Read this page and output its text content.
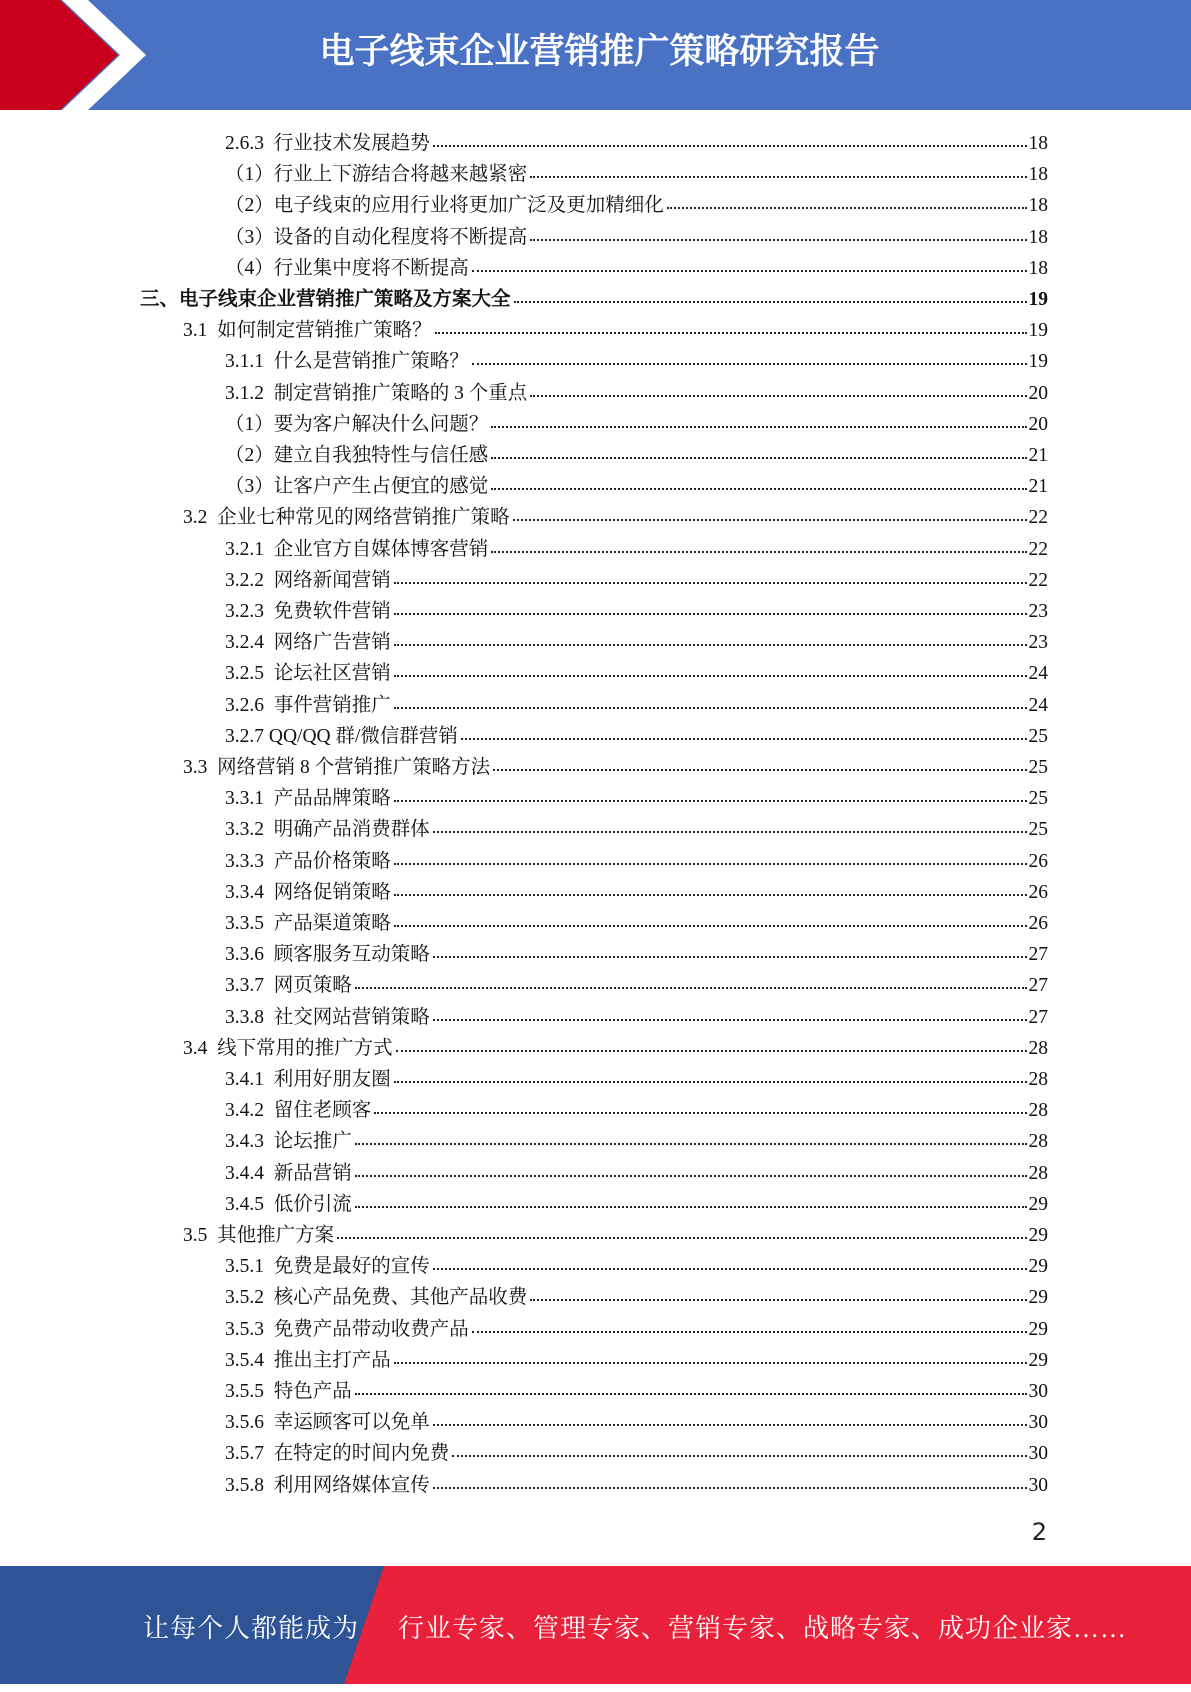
电子线束企业营销推广策略研究报告
2.6.3  行业技术发展趋势	18
（1）行业上下游结合将越来越紧密	18
（2）电子线束的应用行业将更加广泛及更加精细化	18
（3）设备的自动化程度将不断提高	18
（4）行业集中度将不断提高	18
三、电子线束企业营销推广策略及方案大全	19
3.1  如何制定营销推广策略？	19
3.1.1  什么是营销推广策略？	19
3.1.2  制定营销推广策略的 3 个重点	20
（1）要为客户解决什么问题？	20
（2）建立自我独特性与信任感	21
（3）让客户产生占便宜的感觉	21
3.2  企业七种常见的网络营销推广策略	22
3.2.1  企业官方自媒体博客营销	22
3.2.2  网络新闻营销	22
3.2.3  免费软件营销	23
3.2.4  网络广告营销	23
3.2.5  论坛社区营销	24
3.2.6  事件营销推广	24
3.2.7 QQ/QQ 群/微信群营销	25
3.3  网络营销 8 个营销推广策略方法	25
3.3.1  产品品牌策略	25
3.3.2  明确产品消费群体	25
3.3.3  产品价格策略	26
3.3.4  网络促销策略	26
3.3.5  产品渠道策略	26
3.3.6  顾客服务互动策略	27
3.3.7  网页策略	27
3.3.8  社交网站营销策略	27
3.4  线下常用的推广方式	28
3.4.1  利用好朋友圈	28
3.4.2  留住老顾客	28
3.4.3  论坛推广	28
3.4.4  新品营销	28
3.4.5  低价引流	29
3.5  其他推广方案	29
3.5.1  免费是最好的宣传	29
3.5.2  核心产品免费、其他产品收费	29
3.5.3  免费产品带动收费产品	29
3.5.4  推出主打产品	29
3.5.5  特色产品	30
3.5.6  幸运顾客可以免单	30
3.5.7  在特定的时间内免费	30
3.5.8  利用网络媒体宣传	30
2
让每个人都能成为 行业专家、管理专家、营销专家、战略专家、成功企业家……
